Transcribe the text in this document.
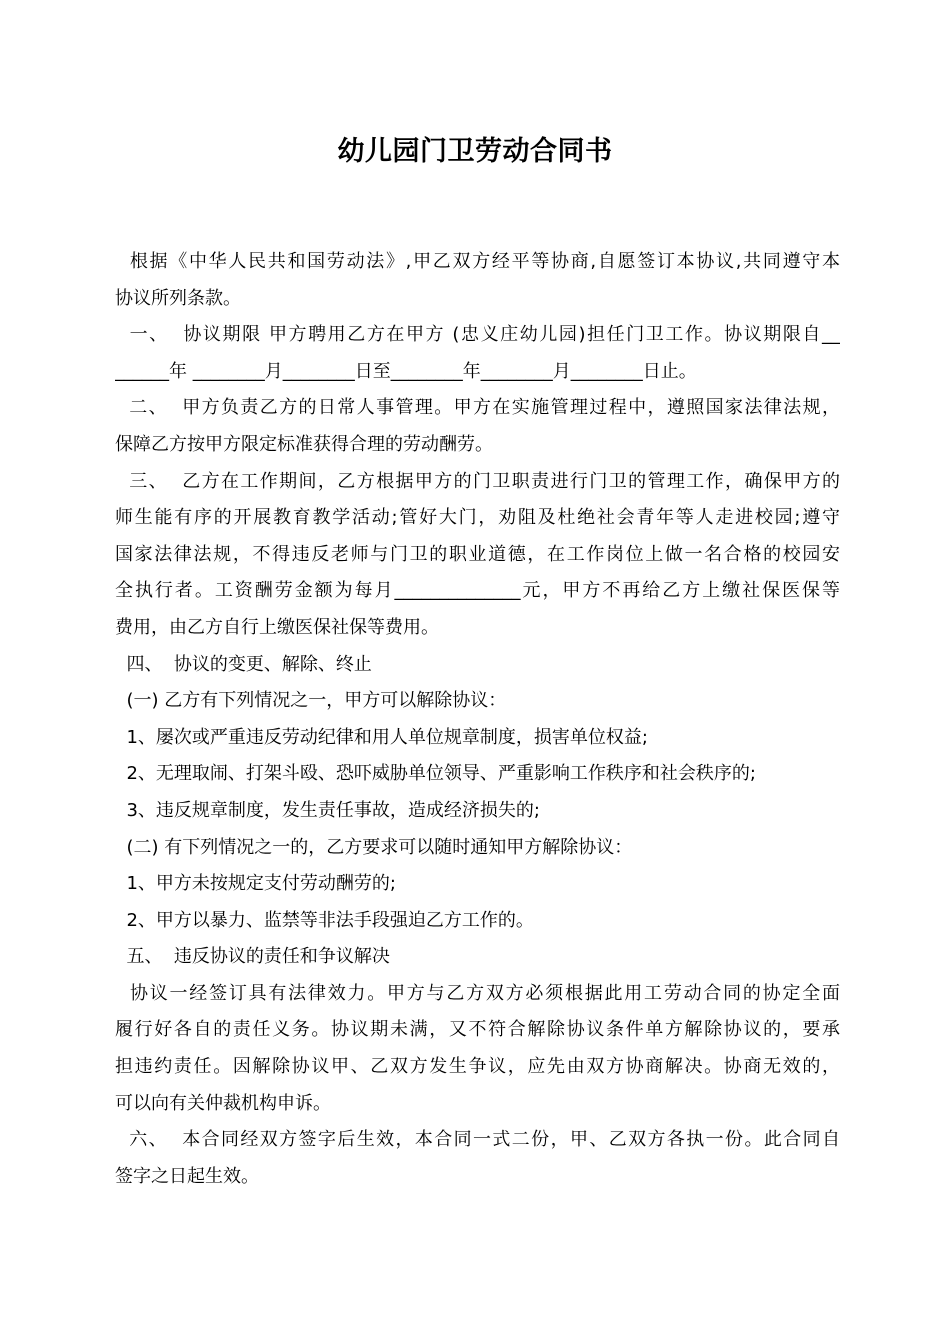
幼儿园门卫劳动合同书
根据《中华人民共和国劳动法》,甲乙双方经平等协商,自愿签订本协议,共同遵守本
协议所列条款。
一、  协议期限 甲方聘用乙方在甲方 (忠义庄幼儿园)担任门卫工作。协议期限自__
______年 ________月________日至________年________月________日止。
二、  甲方负责乙方的日常人事管理。甲方在实施管理过程中，遵照国家法律法规，
保障乙方按甲方限定标准获得合理的劳动酬劳。
三、  乙方在工作期间，乙方根据甲方的门卫职责进行门卫的管理工作，确保甲方的
师生能有序的开展教育教学活动;管好大门，劝阻及杜绝社会青年等人走进校园;遵守
国家法律法规，不得违反老师与门卫的职业道德，在工作岗位上做一名合格的校园安
全执行者。工资酬劳金额为每月______________元，甲方不再给乙方上缴社保医保等
费用，由乙方自行上缴医保社保等费用。
四、  协议的变更、解除、终止
(一) 乙方有下列情况之一，甲方可以解除协议：
1、屡次或严重违反劳动纪律和用人单位规章制度，损害单位权益;
2、无理取闹、打架斗殴、恐吓威胁单位领导、严重影响工作秩序和社会秩序的;
3、违反规章制度，发生责任事故，造成经济损失的;
(二) 有下列情况之一的，乙方要求可以随时通知甲方解除协议：
1、甲方未按规定支付劳动酬劳的;
2、甲方以暴力、监禁等非法手段强迫乙方工作的。
五、  违反协议的责任和争议解决
协议一经签订具有法律效力。甲方与乙方双方必须根据此用工劳动合同的协定全面
履行好各自的责任义务。协议期未满，又不符合解除协议条件单方解除协议的，要承
担违约责任。因解除协议甲、乙双方发生争议，应先由双方协商解决。协商无效的，
可以向有关仲裁机构申诉。
六、  本合同经双方签字后生效，本合同一式二份，甲、乙双方各执一份。此合同自
签字之日起生效。
